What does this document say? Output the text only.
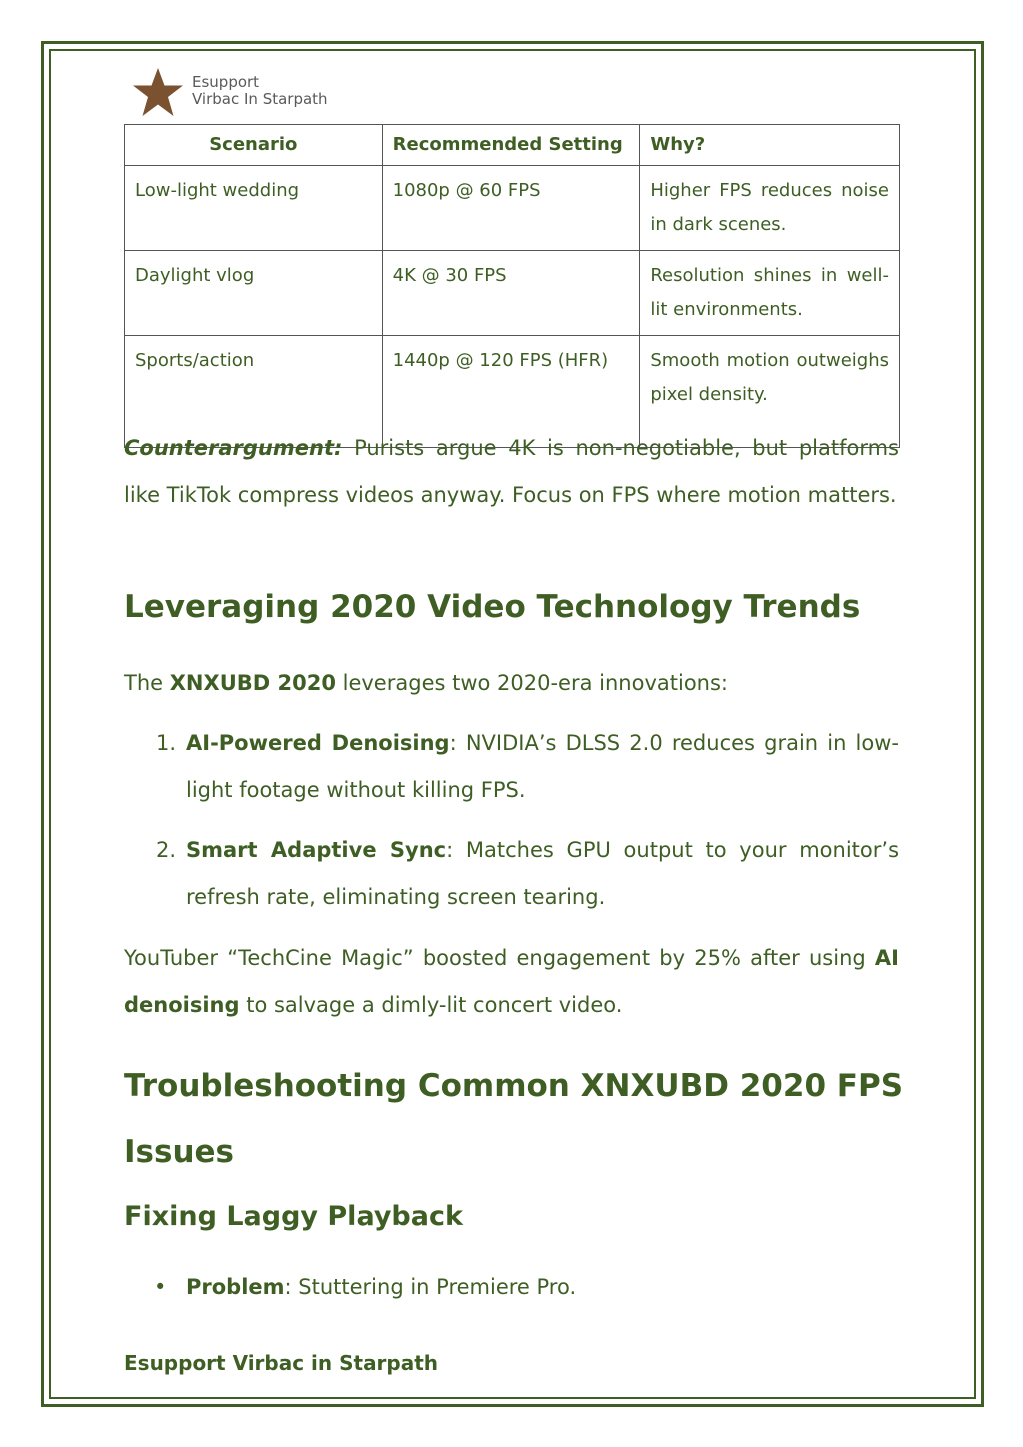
Esupport
Virbac In Starpath
Scenario	Recommended Setting	Why?
Low-light wedding	1080p @ 60 FPS	Higher FPS reduces noise in dark scenes.
Daylight vlog	4K @ 30 FPS	Resolution shines in well-lit environments.
Sports/action	1440p @ 120 FPS (HFR)	Smooth motion outweighs pixel density.

Counterargument: Purists argue 4K is non-negotiable, but platforms like TikTok compress videos anyway. Focus on FPS where motion matters.

Leveraging 2020 Video Technology Trends

The XNXUBD 2020 leverages two 2020-era innovations:

1. AI-Powered Denoising: NVIDIA’s DLSS 2.0 reduces grain in low-light footage without killing FPS.
2. Smart Adaptive Sync: Matches GPU output to your monitor’s refresh rate, eliminating screen tearing.

YouTuber “TechCine Magic” boosted engagement by 25% after using AI denoising to salvage a dimly-lit concert video.

Troubleshooting Common XNXUBD 2020 FPS Issues
Fixing Laggy Playback
• Problem: Stuttering in Premiere Pro.
Esupport Virbac in Starpath
